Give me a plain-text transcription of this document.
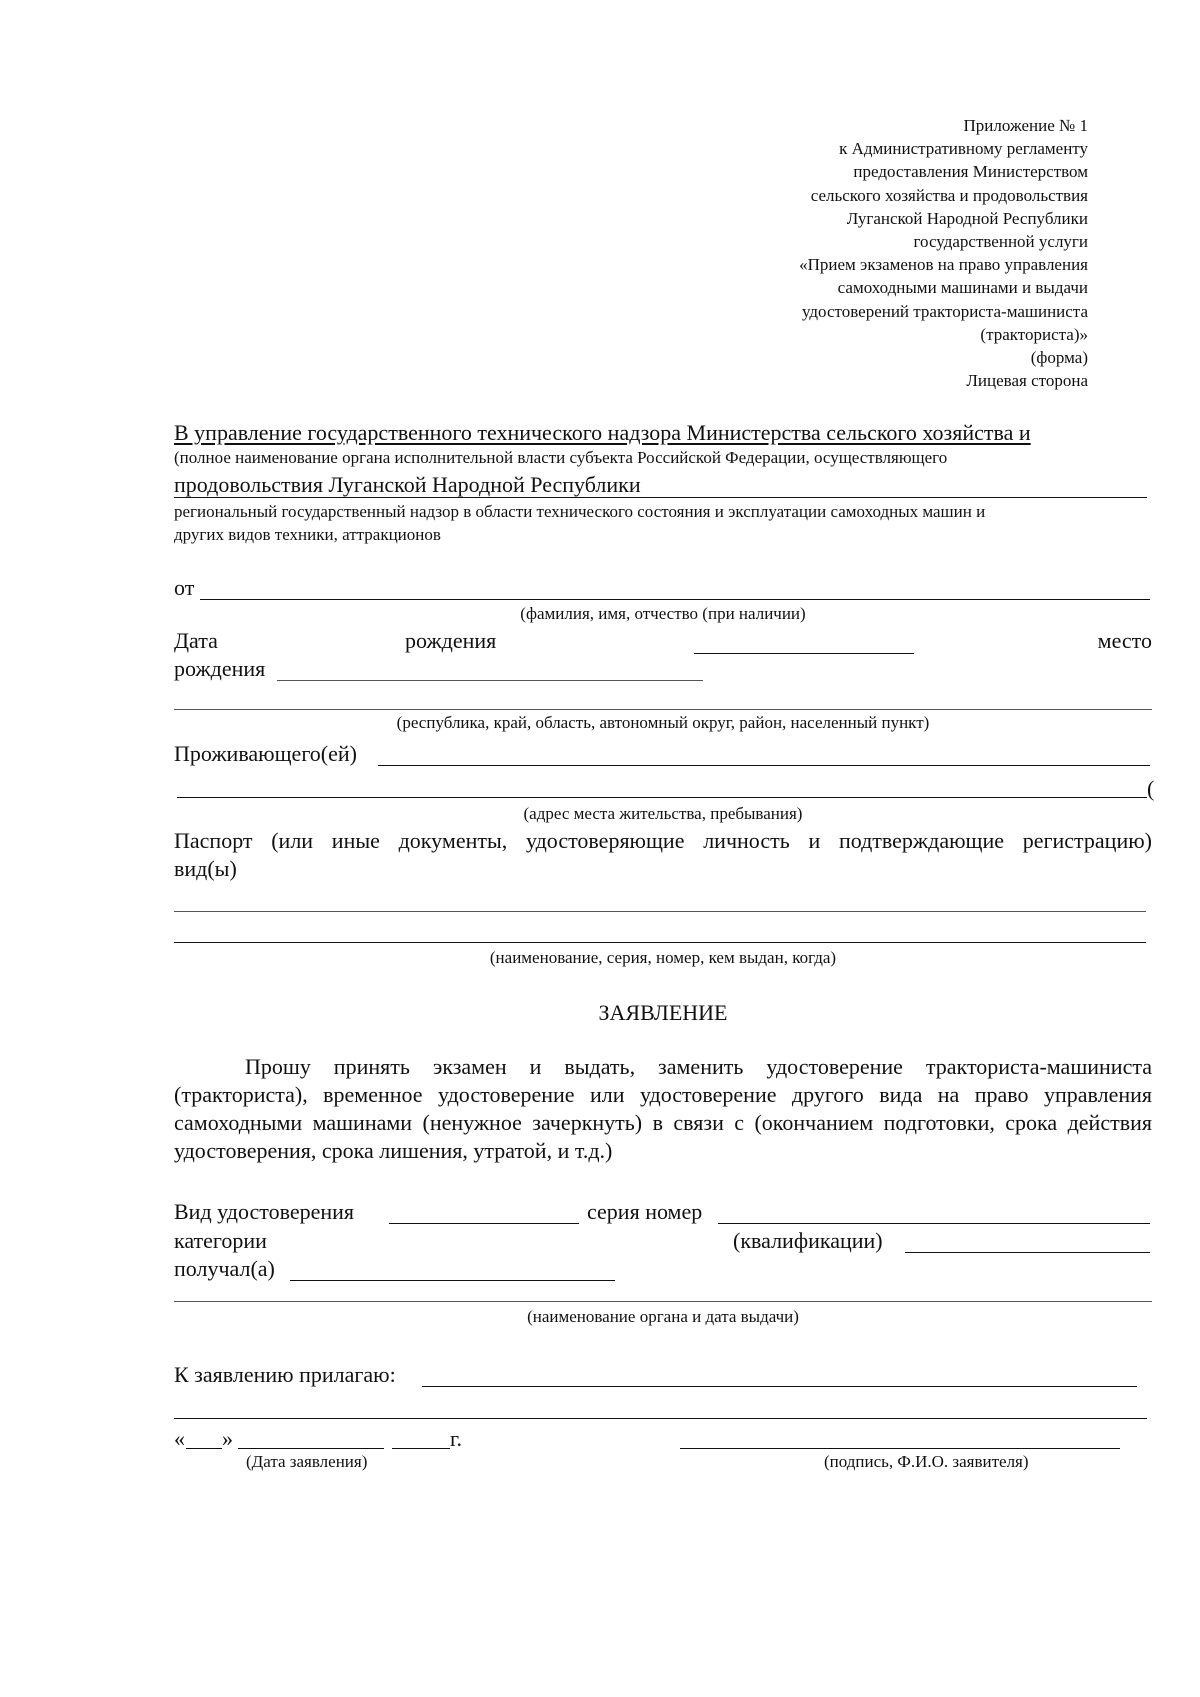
Приложение № 1
к Административному регламенту
предоставления Министерством
сельского хозяйства и продовольствия
Луганской Народной Республики
государственной услуги
«Прием экзаменов на право управления
самоходными машинами и выдачи
удостоверений тракториста-машиниста
(тракториста)»
(форма)
Лицевая сторона
В управление государственного технического надзора Министерства сельского хозяйства и
(полное наименование органа исполнительной власти субъекта Российской Федерации, осуществляющего
продовольствия Луганской Народной Республики
региональный государственный надзор в области технического состояния и эксплуатации самоходных машин и
других видов техники, аттракционов
от
(фамилия, имя, отчество (при наличии)
Дата	рождения	место
рождения
(республика, край, область, автономный округ, район, населенный пункт)
Проживающего(ей)
(
(адрес места жительства, пребывания)
Паспорт (или иные документы, удостоверяющие личность и подтверждающие регистрацию)
вид(ы)
(наименование, серия, номер, кем выдан, когда)
ЗАЯВЛЕНИЕ
Прошу принять экзамен и выдать, заменить удостоверение тракториста-машиниста (тракториста), временное удостоверение или удостоверение другого вида на право управления самоходными машинами (ненужное зачеркнуть) в связи с (окончанием подготовки, срока действия удостоверения, срока лишения, утратой, и т.д.)
Вид удостоверения	серия номер
категории	(квалификации)
получал(а)
(наименование органа и дата выдачи)
К заявлению прилагаю:
« »	г.
(Дата заявления)	(подпись, Ф.И.О. заявителя)
